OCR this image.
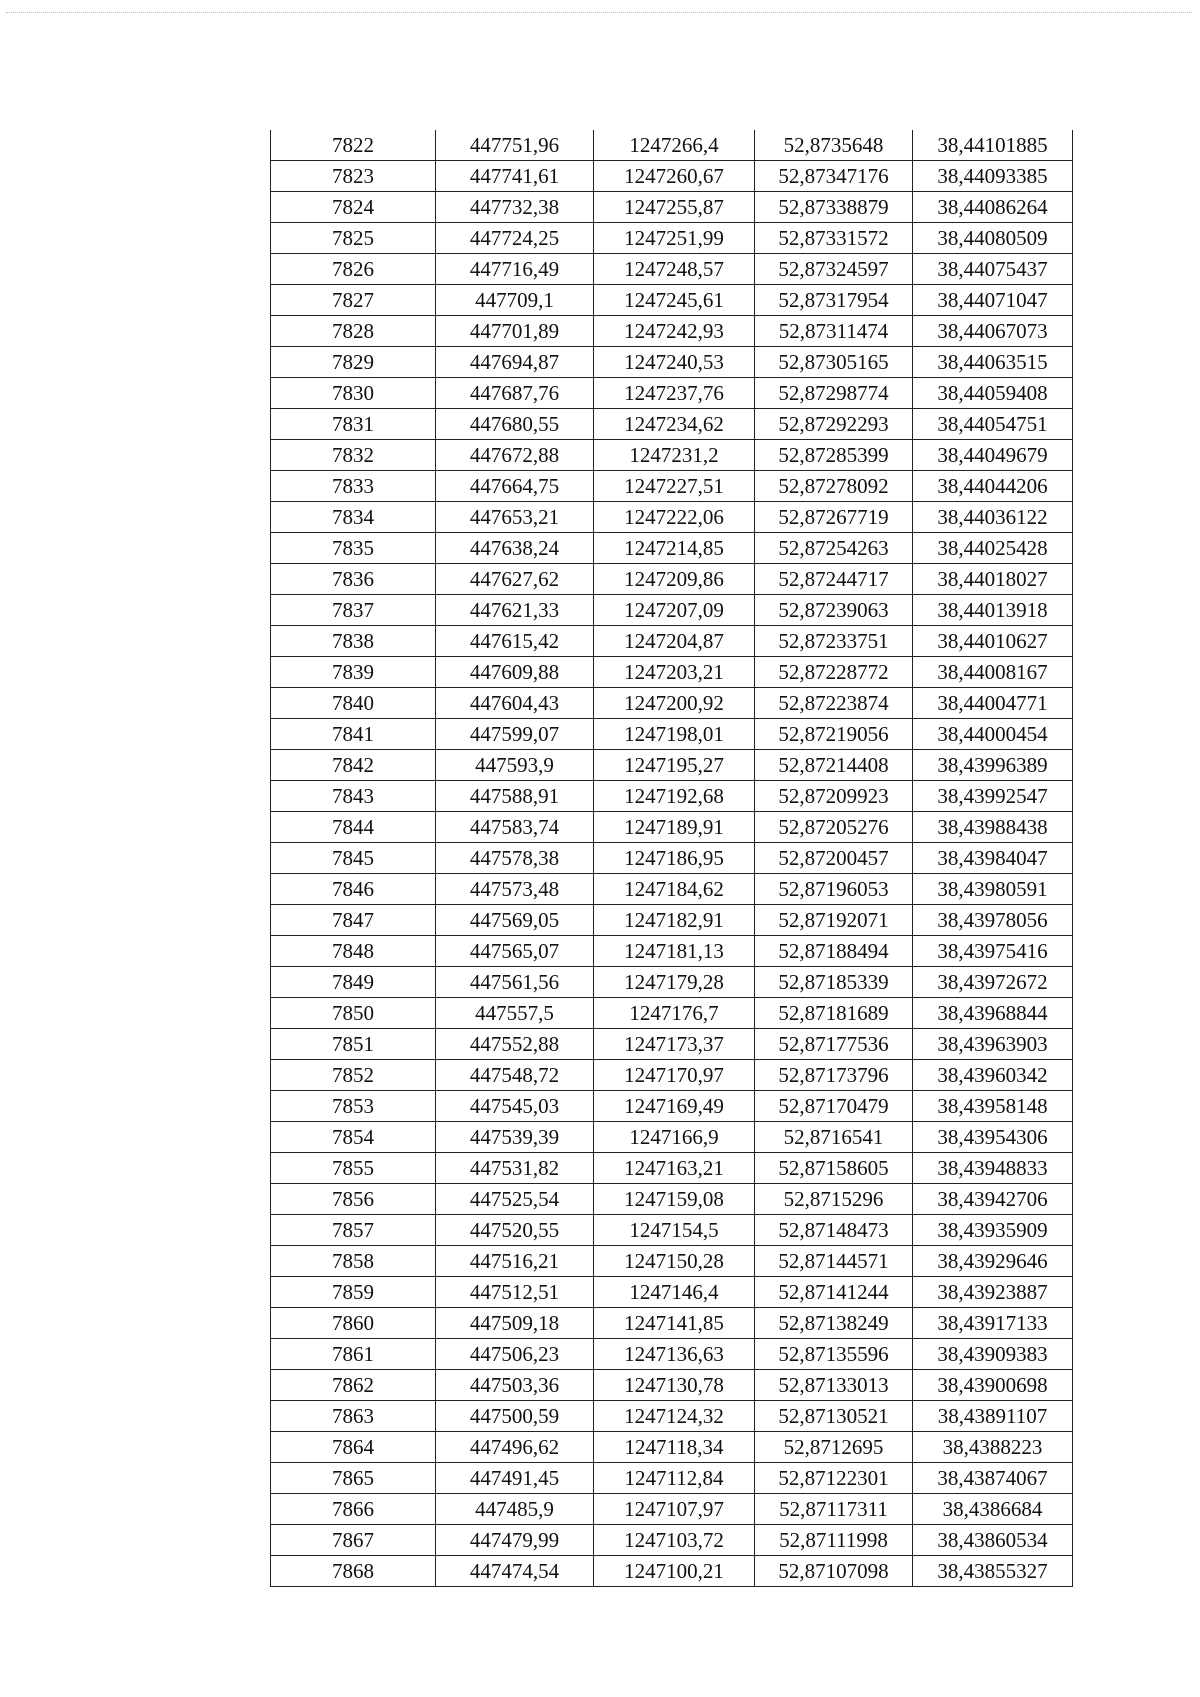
7822	447751,96	1247266,4	52,8735648	38,44101885
7823	447741,61	1247260,67	52,87347176	38,44093385
7824	447732,38	1247255,87	52,87338879	38,44086264
7825	447724,25	1247251,99	52,87331572	38,44080509
7826	447716,49	1247248,57	52,87324597	38,44075437
7827	447709,1	1247245,61	52,87317954	38,44071047
7828	447701,89	1247242,93	52,87311474	38,44067073
7829	447694,87	1247240,53	52,87305165	38,44063515
7830	447687,76	1247237,76	52,87298774	38,44059408
7831	447680,55	1247234,62	52,87292293	38,44054751
7832	447672,88	1247231,2	52,87285399	38,44049679
7833	447664,75	1247227,51	52,87278092	38,44044206
7834	447653,21	1247222,06	52,87267719	38,44036122
7835	447638,24	1247214,85	52,87254263	38,44025428
7836	447627,62	1247209,86	52,87244717	38,44018027
7837	447621,33	1247207,09	52,87239063	38,44013918
7838	447615,42	1247204,87	52,87233751	38,44010627
7839	447609,88	1247203,21	52,87228772	38,44008167
7840	447604,43	1247200,92	52,87223874	38,44004771
7841	447599,07	1247198,01	52,87219056	38,44000454
7842	447593,9	1247195,27	52,87214408	38,43996389
7843	447588,91	1247192,68	52,87209923	38,43992547
7844	447583,74	1247189,91	52,87205276	38,43988438
7845	447578,38	1247186,95	52,87200457	38,43984047
7846	447573,48	1247184,62	52,87196053	38,43980591
7847	447569,05	1247182,91	52,87192071	38,43978056
7848	447565,07	1247181,13	52,87188494	38,43975416
7849	447561,56	1247179,28	52,87185339	38,43972672
7850	447557,5	1247176,7	52,87181689	38,43968844
7851	447552,88	1247173,37	52,87177536	38,43963903
7852	447548,72	1247170,97	52,87173796	38,43960342
7853	447545,03	1247169,49	52,87170479	38,43958148
7854	447539,39	1247166,9	52,8716541	38,43954306
7855	447531,82	1247163,21	52,87158605	38,43948833
7856	447525,54	1247159,08	52,8715296	38,43942706
7857	447520,55	1247154,5	52,87148473	38,43935909
7858	447516,21	1247150,28	52,87144571	38,43929646
7859	447512,51	1247146,4	52,87141244	38,43923887
7860	447509,18	1247141,85	52,87138249	38,43917133
7861	447506,23	1247136,63	52,87135596	38,43909383
7862	447503,36	1247130,78	52,87133013	38,43900698
7863	447500,59	1247124,32	52,87130521	38,43891107
7864	447496,62	1247118,34	52,8712695	38,4388223
7865	447491,45	1247112,84	52,87122301	38,43874067
7866	447485,9	1247107,97	52,87117311	38,4386684
7867	447479,99	1247103,72	52,87111998	38,43860534
7868	447474,54	1247100,21	52,87107098	38,43855327
